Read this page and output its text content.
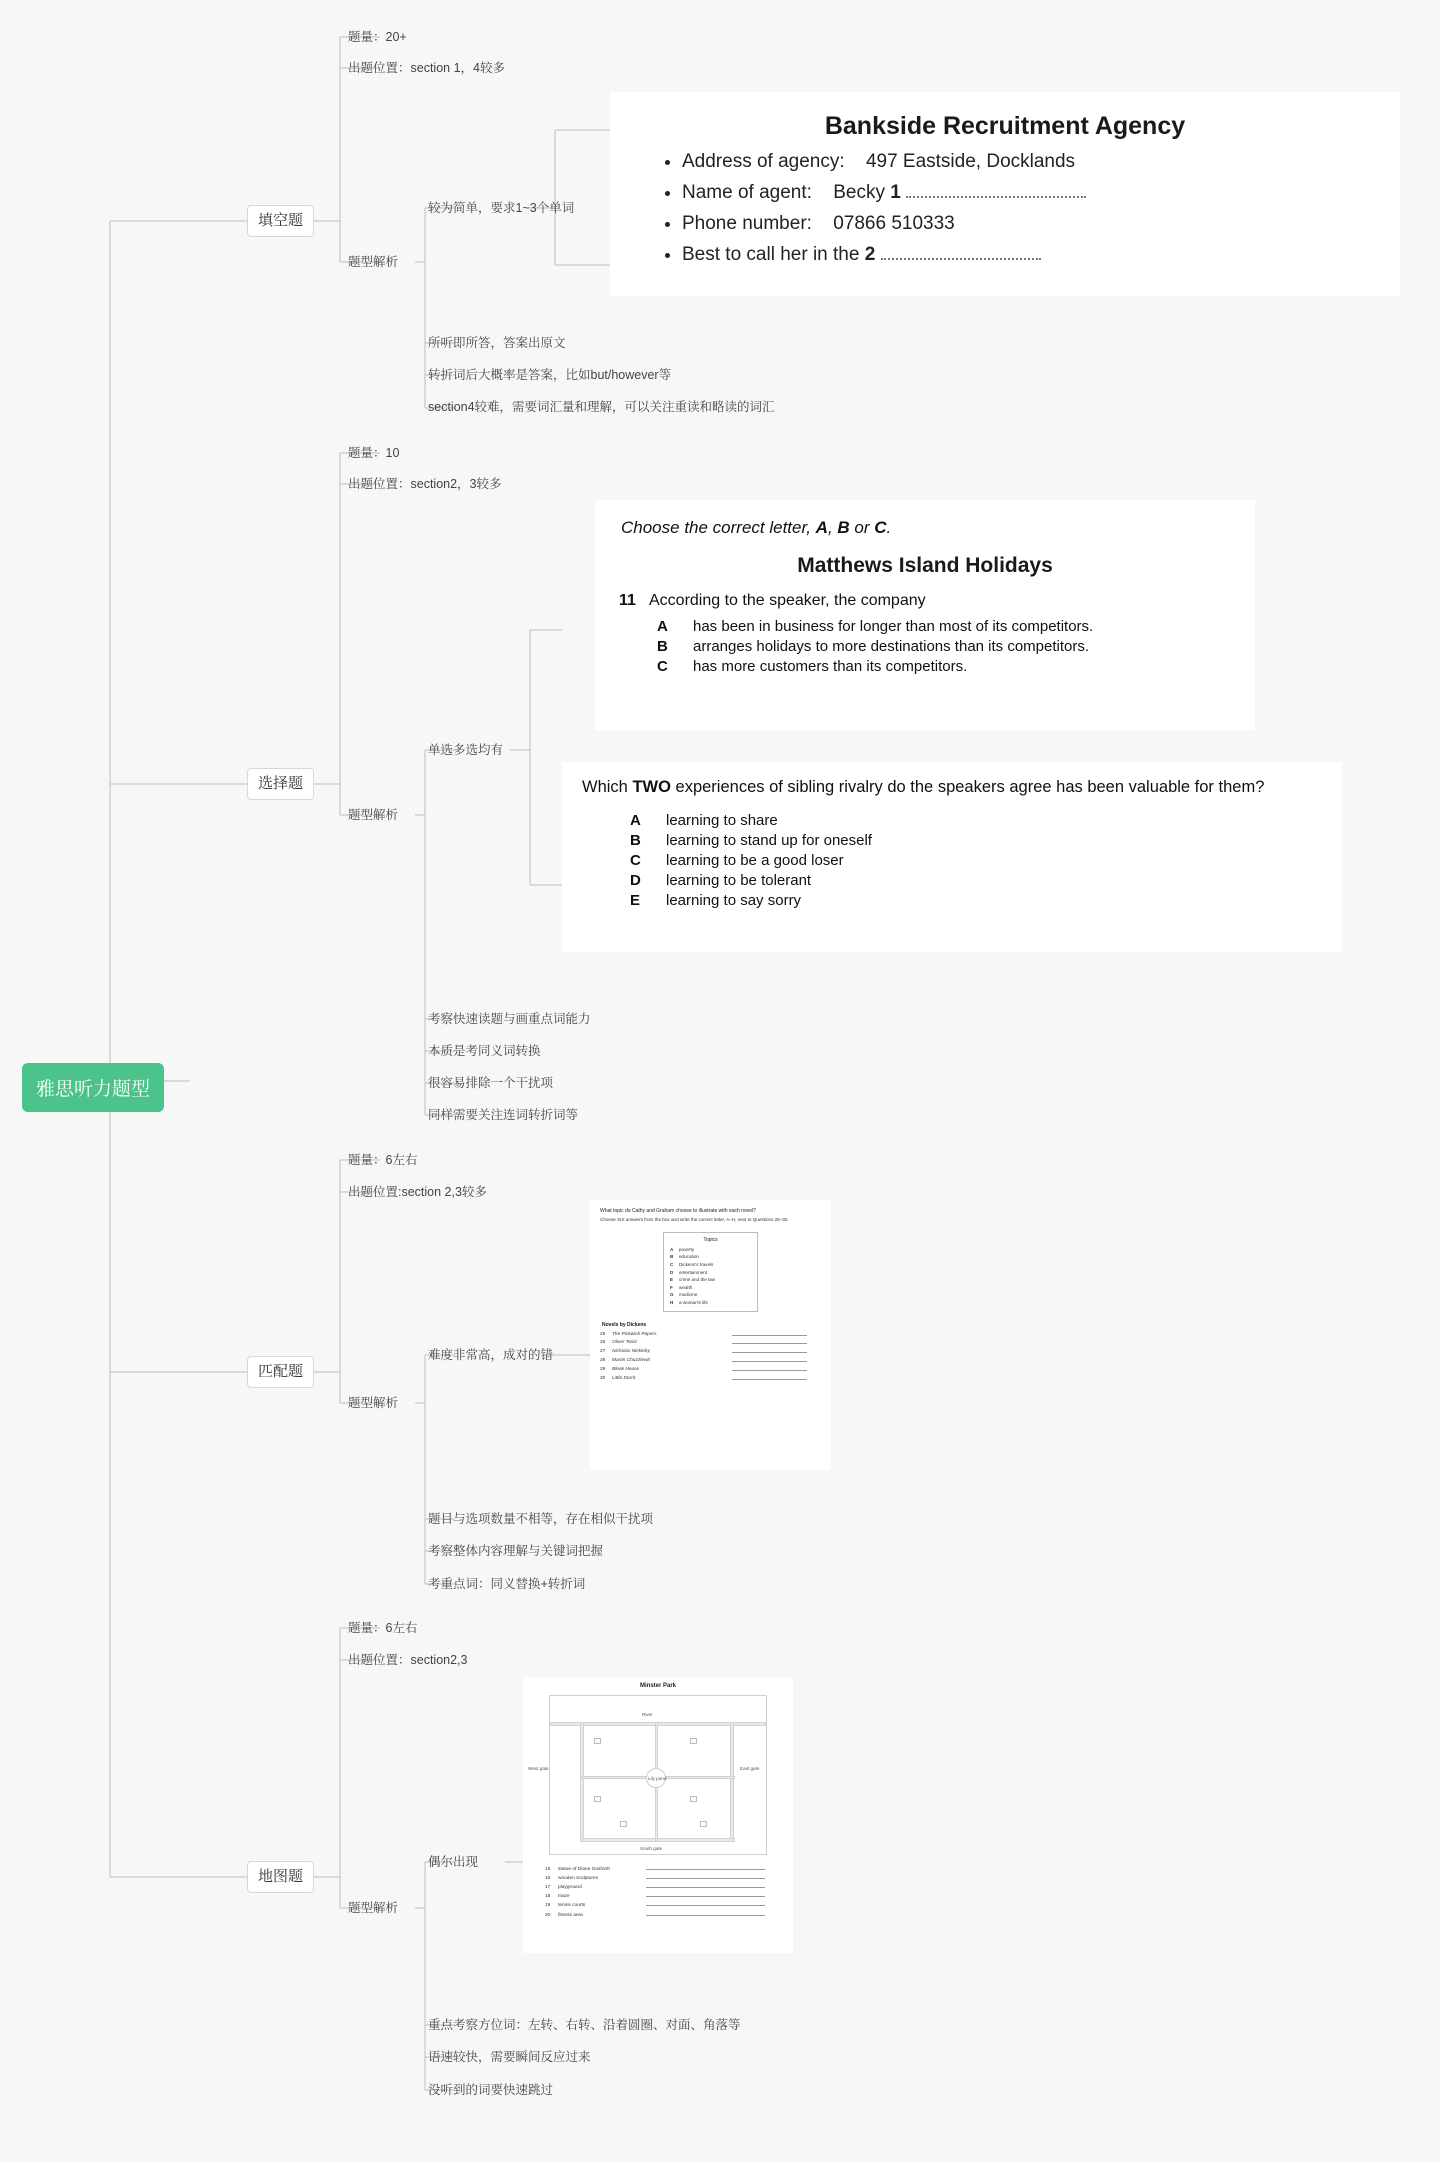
雅思听力题型
填空题
题量：20+
出题位置：section 1，4较多
题型解析
较为简单，要求1~3个单词
所听即所答，答案出原文
转折词后大概率是答案，比如but/however等
section4较难，需要词汇量和理解，可以关注重读和略读的词汇
Bankside Recruitment Agency
• Address of agency: 497 Eastside, Docklands
• Name of agent: Becky 1
• Phone number: 07866 510333
• Best to call her in the 2
选择题
题量：10
出题位置：section2，3较多
题型解析
单选多选均有
考察快速读题与画重点词能力
本质是考同义词转换
很容易排除一个干扰项
同样需要关注连词转折词等
Choose the correct letter, A, B or C.
Matthews Island Holidays
11 According to the speaker, the company
A has been in business for longer than most of its competitors.
B arranges holidays to more destinations than its competitors.
C has more customers than its competitors.
Which TWO experiences of sibling rivalry do the speakers agree has been valuable for them?
A learning to share
B learning to stand up for oneself
C learning to be a good loser
D learning to be tolerant
E learning to say sorry
匹配题
题量：6左右
出题位置:section 2,3较多
题型解析
难度非常高，成对的错
题目与选项数量不相等，存在相似干扰项
考察整体内容理解与关键词把握
考重点词：同义替换+转折词
What topic do Cathy and Graham choose to illustrate with each novel?
Choose SIX answers from the box and write the correct letter, A–H, next to Questions 25–30.
Topics
A poverty
B education
C Dickens's travels
D entertainment
E crime and the law
F wealth
G medicine
H a woman's life
Novels by Dickens
25	The Pickwick Papers
26	Oliver Twist
27	Nicholas Nickleby
28	Martin Chuzzlewit
29	Bleak House
30	Little Dorrit
地图题
题量：6左右
出题位置：section2,3
题型解析
偶尔出现
重点考察方位词：左转、右转、沿着圆圈、对面、角落等
语速较快，需要瞬间反应过来
没听到的词要快速跳过
Minster Park
River
West gate	East gate
Lily pond
South gate
15	statue of Diane Gosforth
16	wooden sculptures
17	playground
18	maze
19	tennis courts
20	fitness area
